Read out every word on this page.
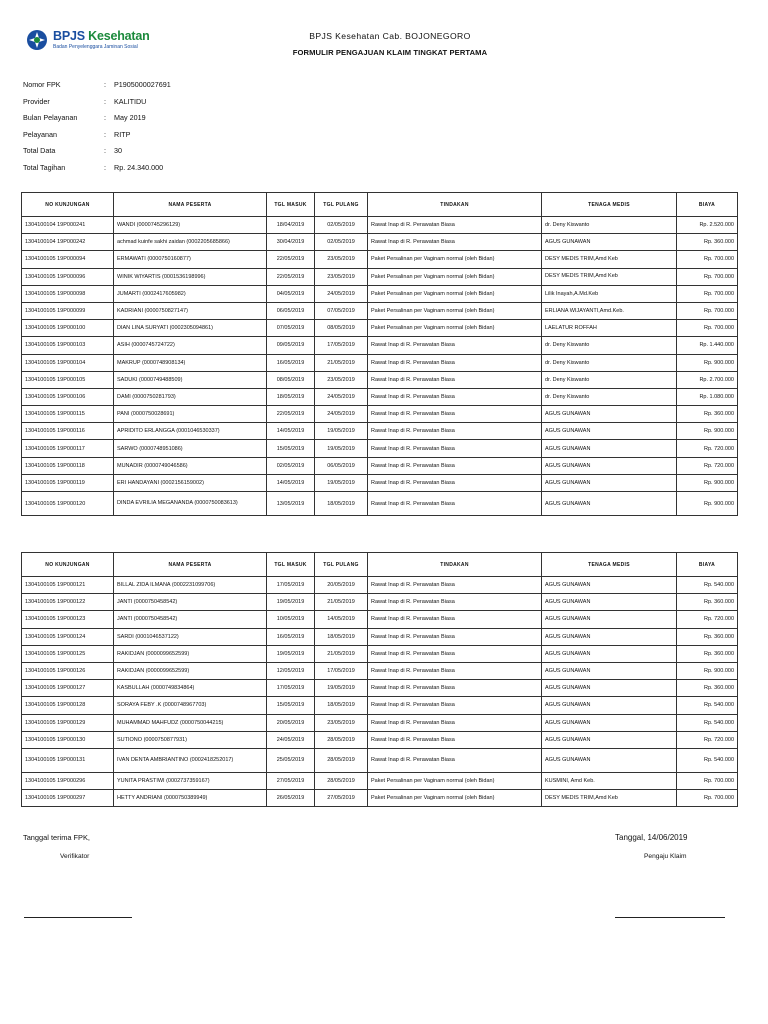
BPJS Kesehatan
Badan Penyelenggara Jaminan Sosial
BPJS Kesehatan Cab. BOJONEGORO
FORMULIR PENGAJUAN KLAIM TINGKAT PERTAMA
Nomor FPK	: P1905000027691
Provider	: KALITIDU
Bulan Pelayanan	: May 2019
Pelayanan	: RITP
Total Data	: 30
Total Tagihan	: Rp. 24.340.000
NO KUNJUNGAN	NAMA PESERTA	TGL MASUK	TGL PULANG	TINDAKAN	TENAGA MEDIS	BIAYA
1304100104 19P000241	WANDI (0000745296129)	18/04/2019	02/05/2019	Rawat Inap di R. Perawatan Biasa	dr. Deny Kiswanto	Rp. 2.520.000
1304100104 19P000242	achmad kuinfe sakhi zaidan (0002205685866)	30/04/2019	02/05/2019	Rawat Inap di R. Perawatan Biasa	AGUS GUNAWAN	Rp. 360.000
1304100105 19P000094	ERMAWATI (0000750160877)	22/05/2019	23/05/2019	Paket Persalinan per Vaginam normal (oleh Bidan)	DESY MEDIS TRIM,Amd Keb	Rp. 700.000
1304100105 19P000096	WINIK WIYARTIS (0001536198996)	22/05/2019	23/05/2019	Paket Persalinan per Vaginam normal (oleh Bidan)	DESY MEDIS TRIM,Amd Keb	Rp. 700.000
1304100105 19P000098	JUMARTI (0002417605982)	04/05/2019	24/05/2019	Paket Persalinan per Vaginam normal (oleh Bidan)	Lilik Inayah,A.Md.Keb	Rp. 700.000
1304100105 19P000099	KADRIANI (0000750827147)	06/05/2019	07/05/2019	Paket Persalinan per Vaginam normal (oleh Bidan)	ERLIANA WIJAYANTI,Amd.Keb.	Rp. 700.000
1304100105 19P000100	DIAN LINA SURYATI (0002305094861)	07/05/2019	08/05/2019	Paket Persalinan per Vaginam normal (oleh Bidan)	LAELATUR ROFFAH	Rp. 700.000
1304100105 19P000103	ASIH (0000745724722)	09/05/2019	17/05/2019	Rawat Inap di R. Perawatan Biasa	dr. Deny Kiswanto	Rp. 1.440.000
1304100105 19P000104	MAKRUP (0000748908134)	16/05/2019	21/05/2019	Rawat Inap di R. Perawatan Biasa	dr. Deny Kiswanto	Rp. 900.000
1304100105 19P000105	SADUKI (0000749488509)	08/05/2019	23/05/2019	Rawat Inap di R. Perawatan Biasa	dr. Deny Kiswanto	Rp. 2.700.000
1304100105 19P000106	DAMI (0000750281793)	18/05/2019	24/05/2019	Rawat Inap di R. Perawatan Biasa	dr. Deny Kiswanto	Rp. 1.080.000
1304100105 19P000115	PANI (0000750028691)	22/05/2019	24/05/2019	Rawat Inap di R. Perawatan Biasa	AGUS GUNAWAN	Rp. 360.000
1304100105 19P000116	APRIDITO ERLANGGA (0001046530337)	14/05/2019	19/05/2019	Rawat Inap di R. Perawatan Biasa	AGUS GUNAWAN	Rp. 900.000
1304100105 19P000117	SARWO (0000748951086)	15/05/2019	19/05/2019	Rawat Inap di R. Perawatan Biasa	AGUS GUNAWAN	Rp. 720.000
1304100105 19P000118	MUNADIR (0000749046586)	02/05/2019	06/05/2019	Rawat Inap di R. Perawatan Biasa	AGUS GUNAWAN	Rp. 720.000
1304100105 19P000119	ERI HANDAYANI (0002156159002)	14/05/2019	19/05/2019	Rawat Inap di R. Perawatan Biasa	AGUS GUNAWAN	Rp. 900.000
1304100105 19P000120	DINDA EVRILIA MEGANANDA (0000750083613)	13/05/2019	18/05/2019	Rawat Inap di R. Perawatan Biasa	AGUS GUNAWAN	Rp. 900.000
NO KUNJUNGAN	NAMA PESERTA	TGL MASUK	TGL PULANG	TINDAKAN	TENAGA MEDIS	BIAYA
1304100105 19P000121	BILLAL ZIDA ILMANA (0002231099706)	17/05/2019	20/05/2019	Rawat Inap di R. Perawatan Biasa	AGUS GUNAWAN	Rp. 540.000
1304100105 19P000122	JANTI (0000750458542)	19/05/2019	21/05/2019	Rawat Inap di R. Perawatan Biasa	AGUS GUNAWAN	Rp. 360.000
1304100105 19P000123	JANTI (0000750458542)	10/05/2019	14/05/2019	Rawat Inap di R. Perawatan Biasa	AGUS GUNAWAN	Rp. 720.000
1304100105 19P000124	SARDI (0001046537122)	16/05/2019	18/05/2019	Rawat Inap di R. Perawatan Biasa	AGUS GUNAWAN	Rp. 360.000
1304100105 19P000125	RAKIDJAN (0000099652599)	19/05/2019	21/05/2019	Rawat Inap di R. Perawatan Biasa	AGUS GUNAWAN	Rp. 360.000
1304100105 19P000126	RAKIDJAN (0000099652599)	12/05/2019	17/05/2019	Rawat Inap di R. Perawatan Biasa	AGUS GUNAWAN	Rp. 900.000
1304100105 19P000127	KASBULLAH (0000749834864)	17/05/2019	19/05/2019	Rawat Inap di R. Perawatan Biasa	AGUS GUNAWAN	Rp. 360.000
1304100105 19P000128	SORAYA FEBY .K (0000748967703)	15/05/2019	18/05/2019	Rawat Inap di R. Perawatan Biasa	AGUS GUNAWAN	Rp. 540.000
1304100105 19P000129	MUHAMMAD MAHFUDZ (0000750044215)	20/05/2019	23/05/2019	Rawat Inap di R. Perawatan Biasa	AGUS GUNAWAN	Rp. 540.000
1304100105 19P000130	SUTIONO (0000750877931)	24/05/2019	28/05/2019	Rawat Inap di R. Perawatan Biasa	AGUS GUNAWAN	Rp. 720.000
1304100105 19P000131	IVAN DENTA AMBRIANTINO (0002418252017)	25/05/2019	28/05/2019	Rawat Inap di R. Perawatan Biasa	AGUS GUNAWAN	Rp. 540.000
1304100105 19P000296	YUNITA PRASTIWI (0002737359167)	27/05/2019	28/05/2019	Paket Persalinan per Vaginam normal (oleh Bidan)	KUSMINI, Amd Keb.	Rp. 700.000
1304100105 19P000297	HETTY ANDRIANI (0000750389949)	26/05/2019	27/05/2019	Paket Persalinan per Vaginam normal (oleh Bidan)	DESY MEDIS TRIM,Amd Keb	Rp. 700.000
Tanggal terima FPK,
Verifikator
Tanggal, 14/06/2019
Pengaju Klaim
